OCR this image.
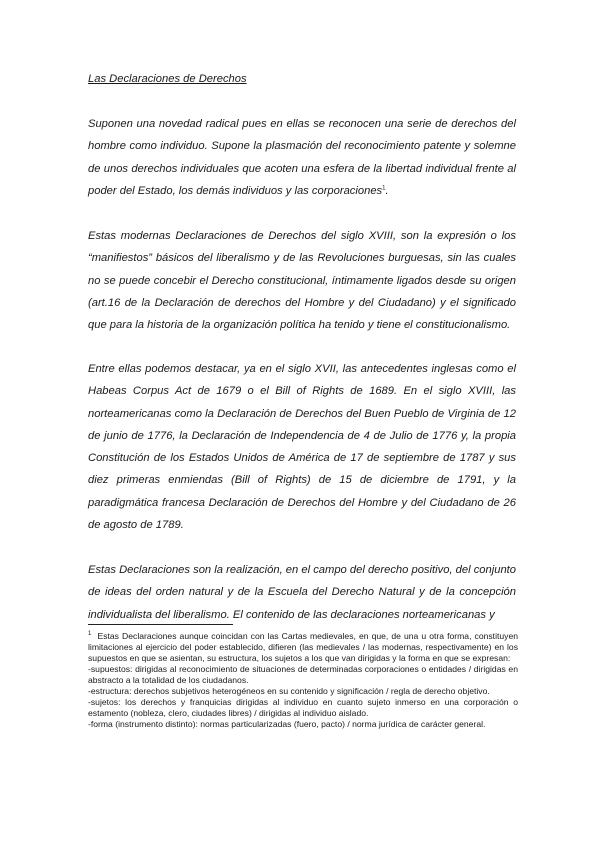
Las Declaraciones de Derechos
Suponen una novedad radical pues en ellas se reconocen una serie de derechos del hombre como individuo. Supone la plasmación del reconocimiento patente y solemne de unos derechos individuales que acoten una esfera de la libertad individual frente al poder del Estado, los demás individuos y las corporaciones$^1$.
Estas modernas Declaraciones de Derechos del siglo XVIII, son la expresión o los “manifiestos” básicos del liberalismo y de las Revoluciones burguesas, sin las cuales no se puede concebir el Derecho constitucional, íntimamente ligados desde su origen (art.16 de la Declaración de derechos del Hombre y del Ciudadano) y el significado que para la historia de la organización política ha tenido y tiene el constitucionalismo.
Entre ellas podemos destacar, ya en el siglo XVII, las antecedentes inglesas como el Habeas Corpus Act de 1679 o el Bill of Rights de 1689. En el siglo XVIII, las norteamericanas como la Declaración de Derechos del Buen Pueblo de Virginia de 12 de junio de 1776, la Declaración de Independencia de 4 de Julio de 1776 y, la propia Constitución de los Estados Unidos de América de 17 de septiembre de 1787 y sus diez primeras enmiendas (Bill of Rights) de 15 de diciembre de 1791, y la paradigmática francesa Declaración de Derechos del Hombre y del Ciudadano de 26 de agosto de 1789.
Estas Declaraciones son la realización, en el campo del derecho positivo, del conjunto de ideas del orden natural y de la Escuela del Derecho Natural y de la concepción individualista del liberalismo. El contenido de las declaraciones norteamericanas y
$^1$ Estas Declaraciones aunque coincidan con las Cartas medievales, en que, de una u otra forma, constituyen limitaciones al ejercicio del poder establecido, difieren (las medievales / las modernas, respectivamente) en los supuestos en que se asientan, su estructura, los sujetos a los que van dirigidas y la forma en que se expresan:
-supuestos: dirigidas al reconocimiento de situaciones de determinadas corporaciones o entidades / dirigidas en abstracto a la totalidad de los ciudadanos.
-estructura: derechos subjetivos heterogéneos en su contenido y significación / regla de derecho objetivo.
-sujetos: los derechos y franquicias dirigidas al individuo en cuanto sujeto inmerso en una corporación o estamento (nobleza, clero, ciudades libres) / dirigidas al individuo aislado.
-forma (instrumento distinto): normas particularizadas (fuero, pacto) / norma jurídica de carácter general.
